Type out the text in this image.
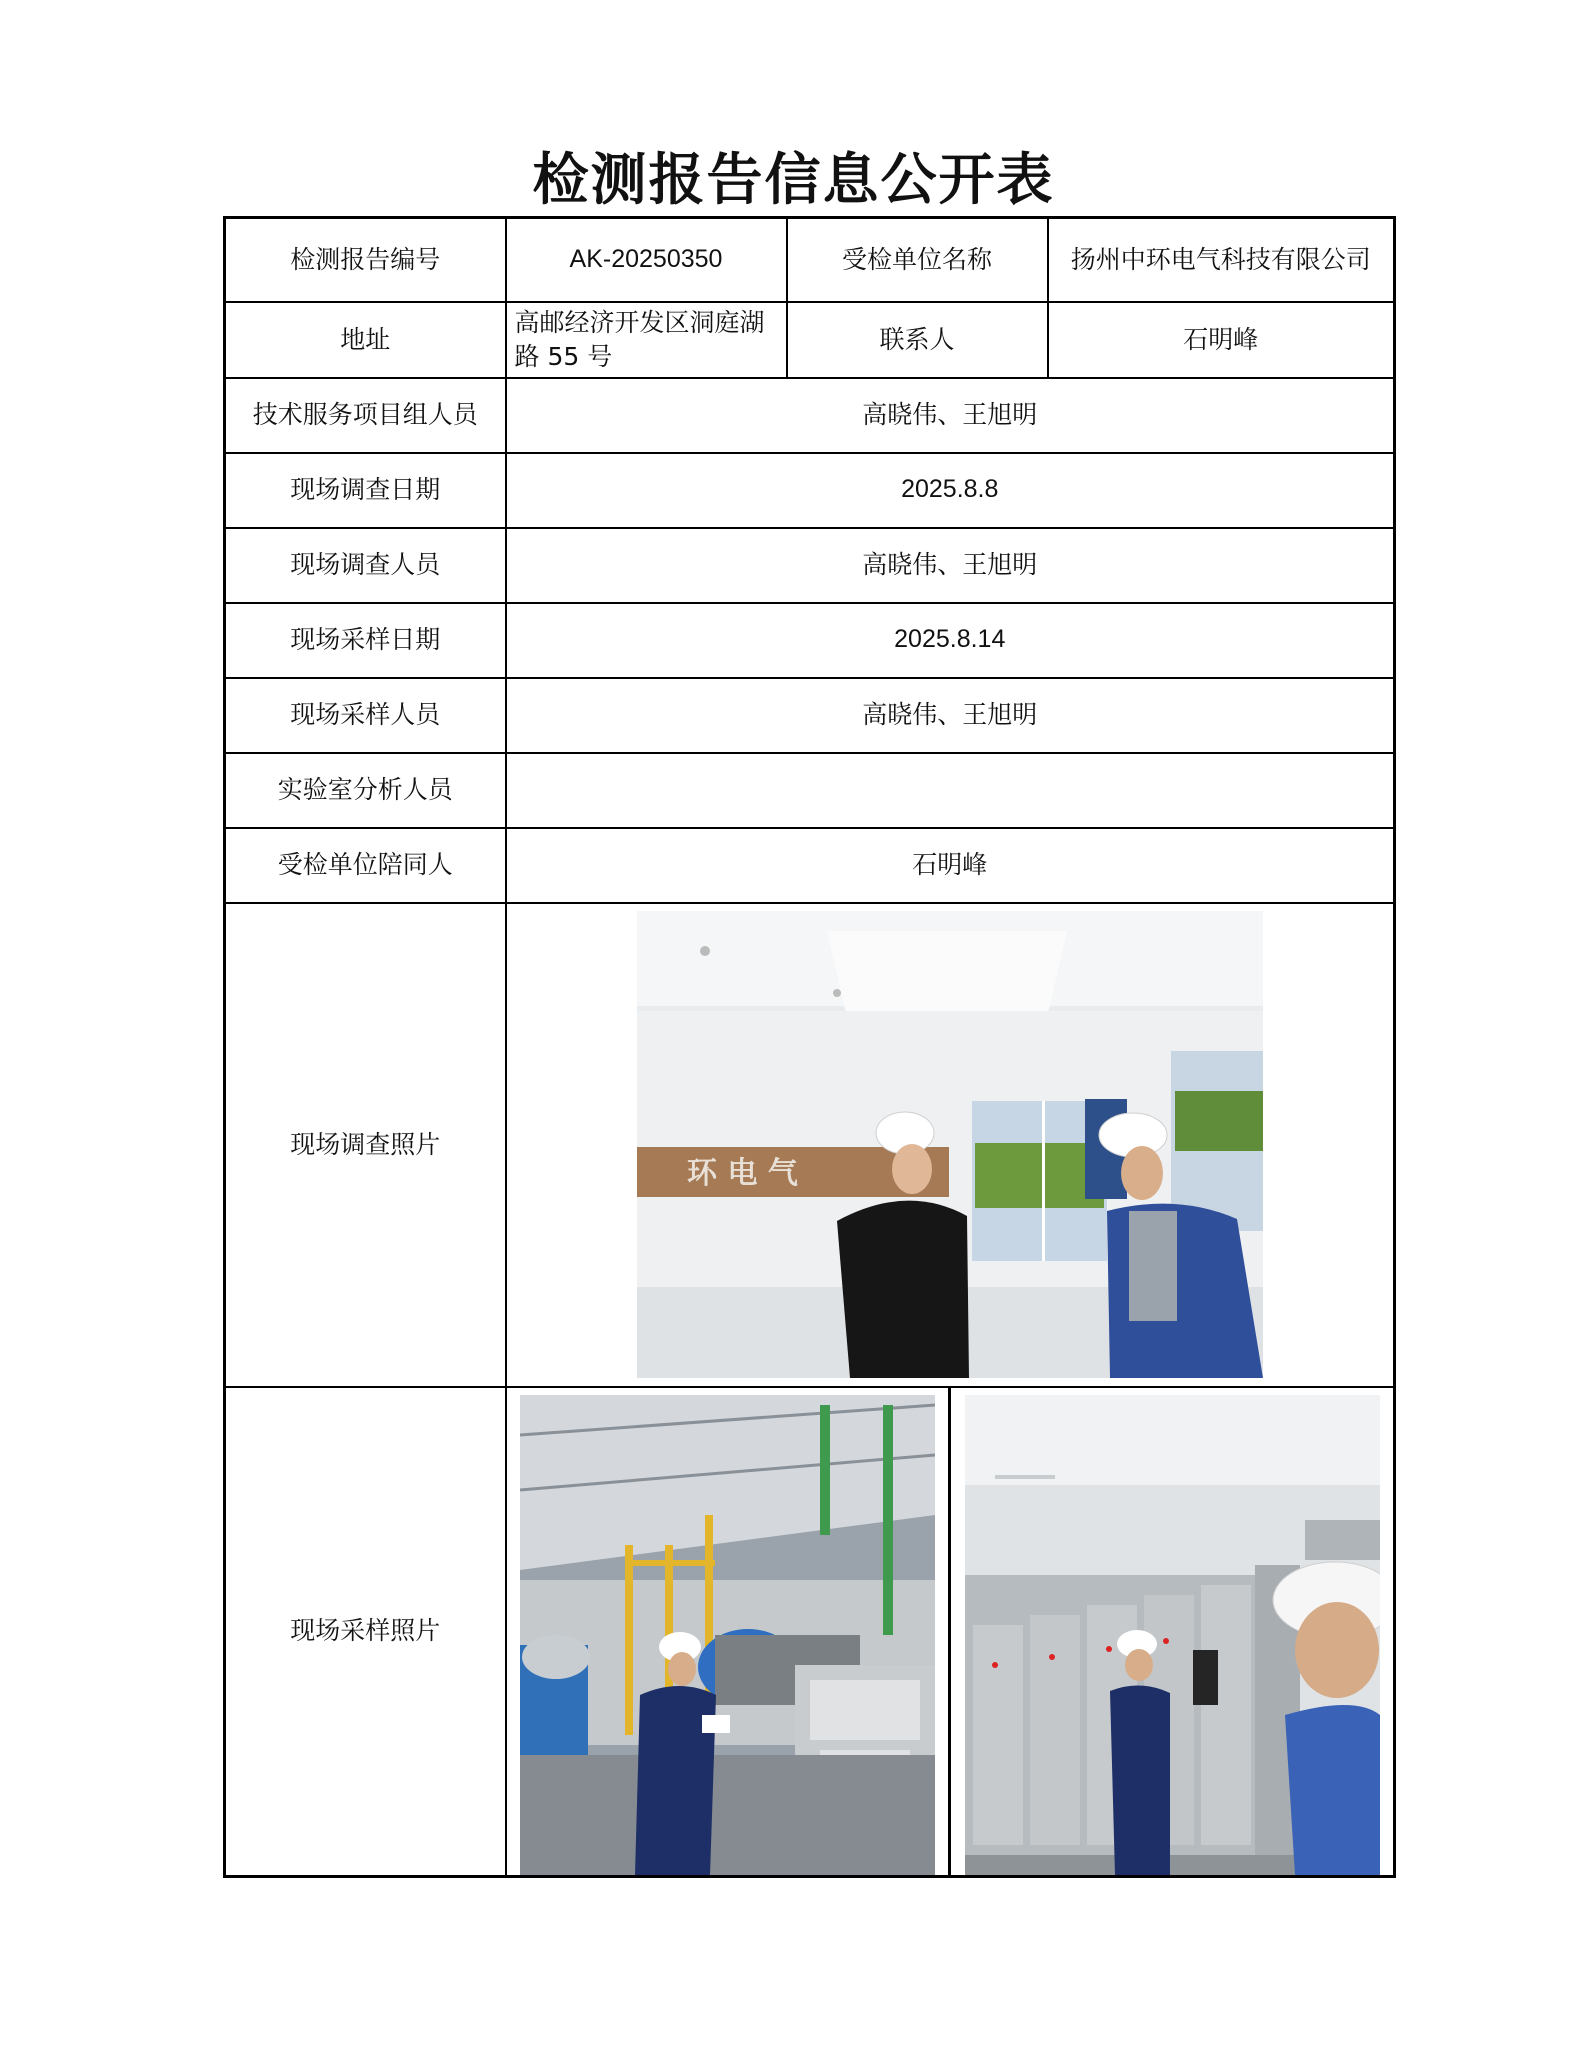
检测报告信息公开表
检测报告编号	AK-20250350	受检单位名称	扬州中环电气科技有限公司
地址	高邮经济开发区洞庭湖路 55 号	联系人	石明峰
技术服务项目组人员	高晓伟、王旭明		
现场调查日期	2025.8.8		
现场调查人员	高晓伟、王旭明		
现场采样日期	2025.8.14		
现场采样人员	高晓伟、王旭明		
实验室分析人员			
受检单位陪同人	石明峰		
现场调查照片	环 电 气		

现场采样照片	
